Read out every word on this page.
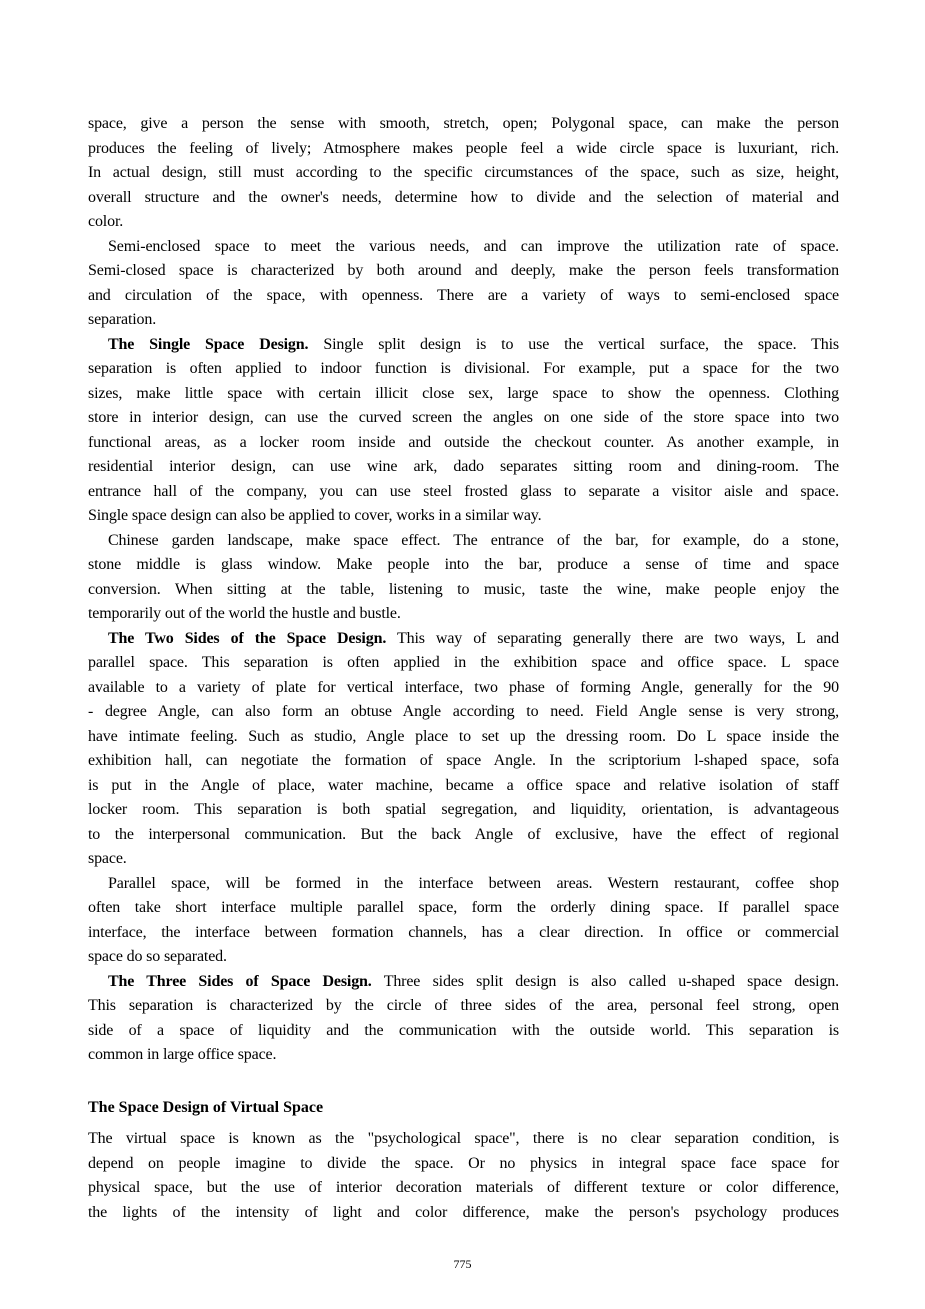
space, give a person the sense with smooth, stretch, open; Polygonal space, can make the person
produces the feeling of lively; Atmosphere makes people feel a wide circle space is luxuriant, rich.
In actual design, still must according to the specific circumstances of the space, such as size, height,
overall structure and the owner's needs, determine how to divide and the selection of material and
color.
Semi-enclosed space to meet the various needs, and can improve the utilization rate of space.
Semi-closed space is characterized by both around and deeply, make the person feels transformation
and circulation of the space, with openness. There are a variety of ways to semi-enclosed space
separation.
The Single Space Design. Single split design is to use the vertical surface, the space. This
separation is often applied to indoor function is divisional. For example, put a space for the two
sizes, make little space with certain illicit close sex, large space to show the openness. Clothing
store in interior design, can use the curved screen the angles on one side of the store space into two
functional areas, as a locker room inside and outside the checkout counter. As another example, in
residential interior design, can use wine ark, dado separates sitting room and dining-room. The
entrance hall of the company, you can use steel frosted glass to separate a visitor aisle and space.
Single space design can also be applied to cover, works in a similar way.
Chinese garden landscape, make space effect. The entrance of the bar, for example, do a stone,
stone middle is glass window. Make people into the bar, produce a sense of time and space
conversion. When sitting at the table, listening to music, taste the wine, make people enjoy the
temporarily out of the world the hustle and bustle.
The Two Sides of the Space Design. This way of separating generally there are two ways, L and
parallel space. This separation is often applied in the exhibition space and office space. L space
available to a variety of plate for vertical interface, two phase of forming Angle, generally for the 90
- degree Angle, can also form an obtuse Angle according to need. Field Angle sense is very strong,
have intimate feeling. Such as studio, Angle place to set up the dressing room. Do L space inside the
exhibition hall, can negotiate the formation of space Angle. In the scriptorium l-shaped space, sofa
is put in the Angle of place, water machine, became a office space and relative isolation of staff
locker room. This separation is both spatial segregation, and liquidity, orientation, is advantageous
to the interpersonal communication. But the back Angle of exclusive, have the effect of regional
space.
Parallel space, will be formed in the interface between areas. Western restaurant, coffee shop
often take short interface multiple parallel space, form the orderly dining space. If parallel space
interface, the interface between formation channels, has a clear direction. In office or commercial
space do so separated.
The Three Sides of Space Design. Three sides split design is also called u-shaped space design.
This separation is characterized by the circle of three sides of the area, personal feel strong, open
side of a space of liquidity and the communication with the outside world. This separation is
common in large office space.
The Space Design of Virtual Space
The virtual space is known as the "psychological space", there is no clear separation condition, is
depend on people imagine to divide the space. Or no physics in integral space face space for
physical space, but the use of interior decoration materials of different texture or color difference,
the lights of the intensity of light and color difference, make the person's psychology produces
775
